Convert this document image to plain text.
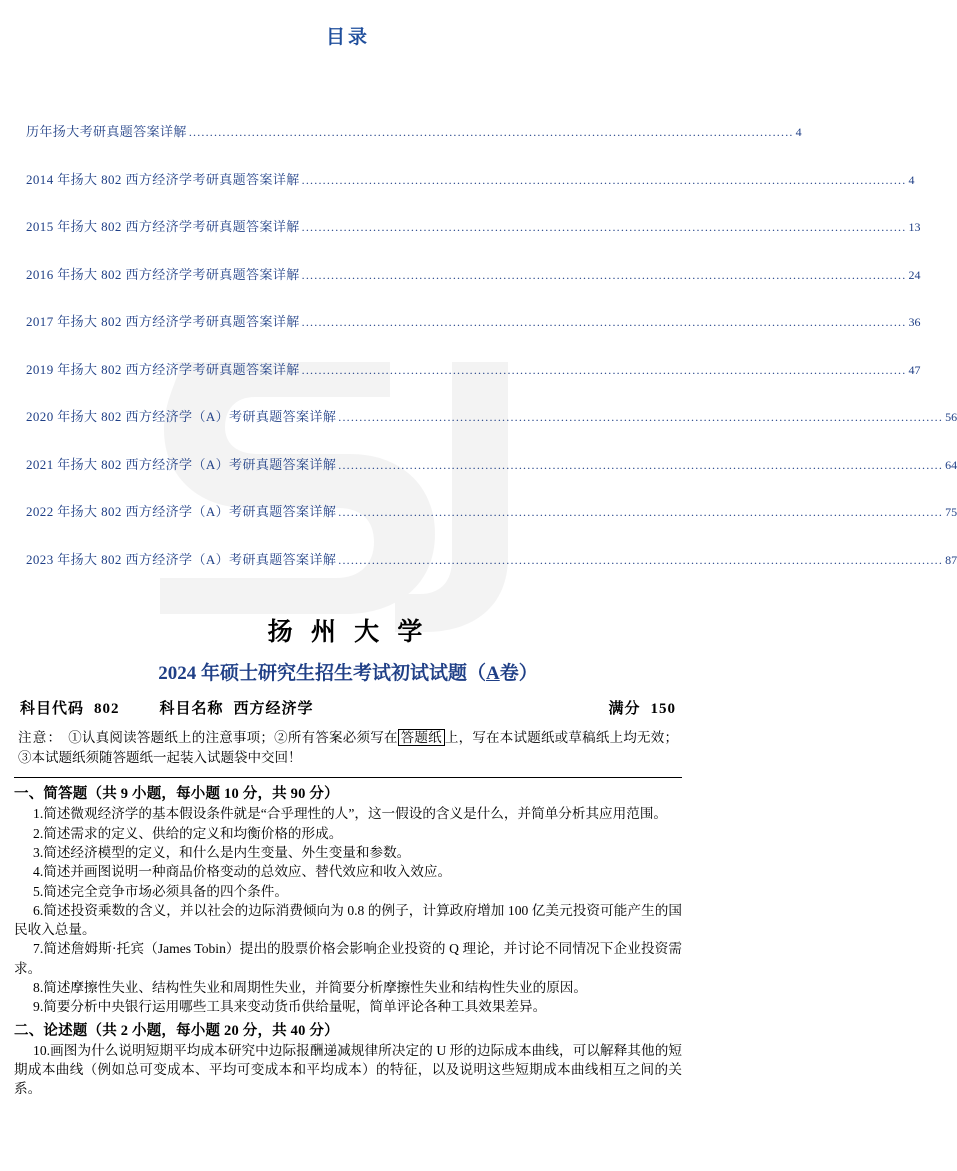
目录
历年扬大考研真题答案详解 ................................................................................................................................................ 4
2014 年扬大 802 西方经济学考研真题答案详解 ................................................................................................................................................ 4
2015 年扬大 802 西方经济学考研真题答案详解 ................................................................................................................................................ 13
2016 年扬大 802 西方经济学考研真题答案详解 ................................................................................................................................................ 24
2017 年扬大 802 西方经济学考研真题答案详解 ................................................................................................................................................ 36
2019 年扬大 802 西方经济学考研真题答案详解 ................................................................................................................................................ 47
2020 年扬大 802 西方经济学（A）考研真题答案详解 ................................................................................................................................................ 56
2021 年扬大 802 西方经济学（A）考研真题答案详解 ................................................................................................................................................ 64
2022 年扬大 802 西方经济学（A）考研真题答案详解 ................................................................................................................................................ 75
2023 年扬大 802 西方经济学（A）考研真题答案详解 ................................................................................................................................................ 87
扬 州 大 学
2024 年硕士研究生招生考试初试试题（A卷）
科目代码 802	科目名称 西方经济学	满分 150
注意： ①认真阅读答题纸上的注意事项；②所有答案必须写在 答题纸 上，写在本试题纸或草稿纸上均无效；③本试题纸须随答题纸一起装入试题袋中交回！
一、简答题（共 9 小题，每小题 10 分，共 90 分）

1.简述微观经济学的基本假设条件就是“合乎理性的人”，这一假设的含义是什么，并简单分析其应用范围。

2.简述需求的定义、供给的定义和均衡价格的形成。

3.简述经济模型的定义，和什么是内生变量、外生变量和参数。

4.简述并画图说明一种商品价格变动的总效应、替代效应和收入效应。

5.简述完全竞争市场必须具备的四个条件。

6.简述投资乘数的含义，并以社会的边际消费倾向为 0.8 的例子，计算政府增加 100 亿美元投资可能产生的国民收入总量。

7.简述詹姆斯·托宾（James Tobin）提出的股票价格会影响企业投资的 Q 理论，并讨论不同情况下企业投资需求。

8.简述摩擦性失业、结构性失业和周期性失业，并简要分析摩擦性失业和结构性失业的原因。

9.简要分析中央银行运用哪些工具来变动货币供给量呢，简单评论各种工具效果差异。

二、论述题（共 2 小题，每小题 20 分，共 40 分）

10.画图为什么说明短期平均成本研究中边际报酬递减规律所决定的 U 形的边际成本曲线，可以解释其他的短期成本曲线（例如总可变成本、平均可变成本和平均成本）的特征，以及说明这些短期成本曲线相互之间的关系。
